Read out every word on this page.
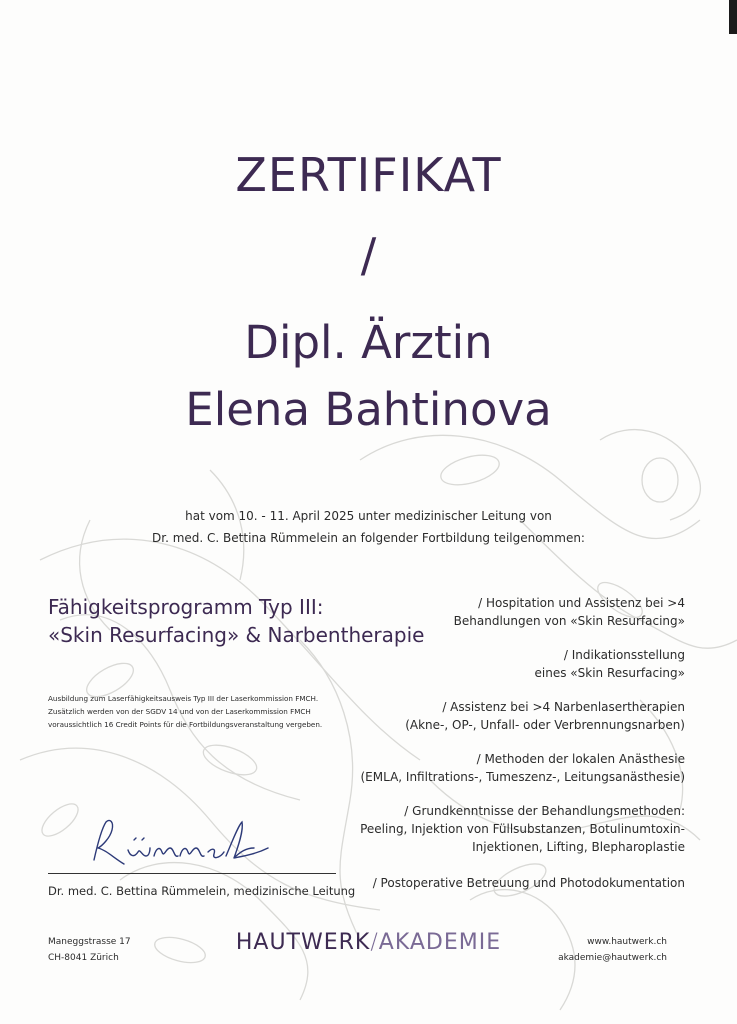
ZERTIFIKAT
/
Dipl. Ärztin
Elena Bahtinova
hat vom 10. - 11. April 2025 unter medizinischer Leitung von
Dr. med. C. Bettina Rümmelein an folgender Fortbildung teilgenommen:
Fähigkeitsprogramm Typ III:
«Skin Resurfacing» & Narbentherapie
Ausbildung zum Laserfähigkeitsausweis Typ III der Laserkommission FMCH.
Zusätzlich werden von der SGDV 14 und von der Laserkommission FMCH
voraussichtlich 16 Credit Points für die Fortbildungsveranstaltung vergeben.
/ Hospitation und Assistenz bei >4
Behandlungen von «Skin Resurfacing»
/ Indikationsstellung
eines «Skin Resurfacing»
/ Assistenz bei >4 Narbenlasertherapien
(Akne-, OP-, Unfall- oder Verbrennungsnarben)
/ Methoden der lokalen Anästhesie
(EMLA, Infiltrations-, Tumeszenz-, Leitungsanästhesie)
/ Grundkenntnisse der Behandlungsmethoden:
Peeling, Injektion von Füllsubstanzen, Botulinumtoxin-
Injektionen, Lifting, Blepharoplastie
/ Postoperative Betreuung und Photodokumentation
Dr. med. C. Bettina Rümmelein, medizinische Leitung
Maneggstrasse 17
CH-8041 Zürich
HAUTWERK/AKADEMIE	www.hautwerk.ch
akademie@hautwerk.ch
